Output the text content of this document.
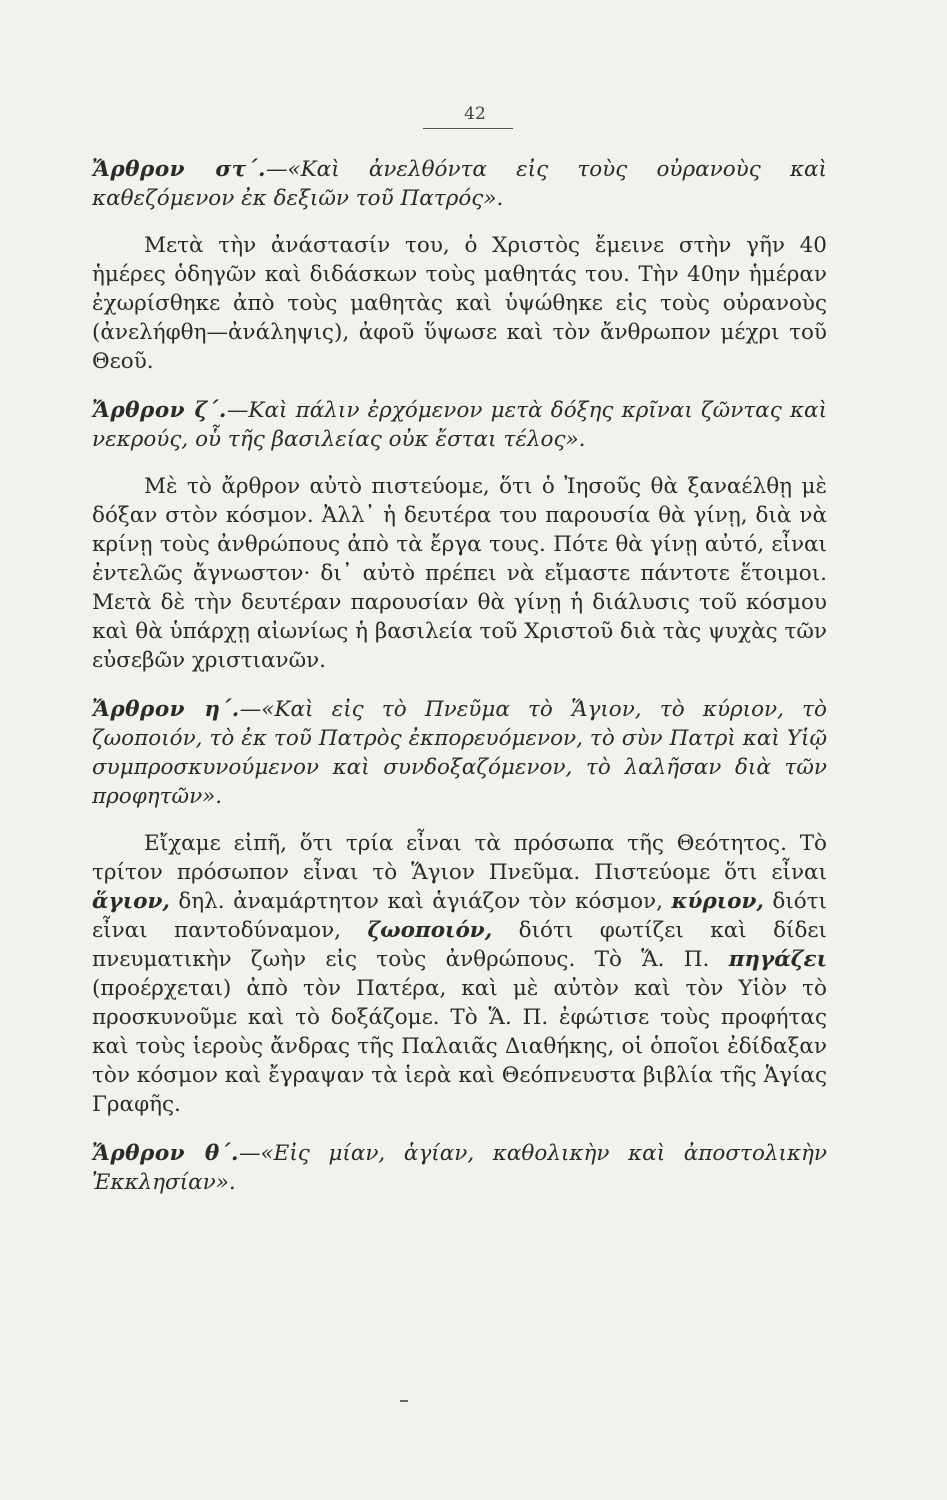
42

Ἄρθρον στ΄.—«Καὶ ἀνελθόντα εἰς τοὺς οὐρανοὺς καὶ καθεζόμενον ἐκ δεξιῶν τοῦ Πατρός».

Μετὰ τὴν ἀνάστασίν του, ὁ Χριστὸς ἔμεινε στὴν γῆν 40 ἡμέρες ὁδηγῶν καὶ διδάσκων τοὺς μαθητάς του. Τὴν 40ην ἡμέραν ἐχωρίσθηκε ἀπὸ τοὺς μαθητὰς καὶ ὑψώθηκε εἰς τοὺς οὐρανοὺς (ἀνελήφθη—ἀνάληψις), ἀφοῦ ὕψωσε καὶ τὸν ἄνθρωπον μέχρι τοῦ Θεοῦ.

Ἄρθρον ζ΄.—Καὶ πάλιν ἐρχόμενον μετὰ δόξης κρῖναι ζῶντας καὶ νεκρούς, οὗ τῆς βασιλείας οὐκ ἔσται τέλος».

Μὲ τὸ ἄρθρον αὐτὸ πιστεύομε, ὅτι ὁ Ἰησοῦς θὰ ξαναέλθῃ μὲ δόξαν στὸν κόσμον. Ἀλλ᾿ ἡ δευτέρα του παρουσία θὰ γίνῃ, διὰ νὰ κρίνῃ τοὺς ἀνθρώπους ἀπὸ τὰ ἔργα τους. Πότε θὰ γίνῃ αὐτό, εἶναι ἐντελῶς ἄγνωστον· δι᾿ αὐτὸ πρέπει νὰ εἴμαστε πάντοτε ἕτοιμοι. Μετὰ δὲ τὴν δευτέραν παρουσίαν θὰ γίνῃ ἡ διάλυσις τοῦ κόσμου καὶ θὰ ὑπάρχῃ αἰωνίως ἡ βασιλεία τοῦ Χριστοῦ διὰ τὰς ψυχὰς τῶν εὐσεβῶν χριστιανῶν.

Ἄρθρον η΄.—«Καὶ εἰς τὸ Πνεῦμα τὸ Ἅγιον, τὸ κύριον, τὸ ζωοποιόν, τὸ ἐκ τοῦ Πατρὸς ἐκπορευόμενον, τὸ σὺν Πατρὶ καὶ Υἱῷ συμπροσκυνούμενον καὶ συνδοξαζόμενον, τὸ λαλῆσαν διὰ τῶν προφητῶν».

Εἴχαμε εἰπῆ, ὅτι τρία εἶναι τὰ πρόσωπα τῆς Θεότητος. Τὸ τρίτον πρόσωπον εἶναι τὸ Ἅγιον Πνεῦμα. Πιστεύομε ὅτι εἶναι ἅγιον, δηλ. ἀναμάρτητον καὶ ἁγιάζον τὸν κόσμον, κύριον, διότι εἶναι παντοδύναμον, ζωοποιόν, διότι φωτίζει καὶ δίδει πνευματικὴν ζωὴν εἰς τοὺς ἀνθρώπους. Τὸ Ἅ. Π. πηγάζει (προέρχεται) ἀπὸ τὸν Πατέρα, καὶ μὲ αὐτὸν καὶ τὸν Υἱὸν τὸ προσκυνοῦμε καὶ τὸ δοξάζομε. Τὸ Ἅ. Π. ἐφώτισε τοὺς προφήτας καὶ τοὺς ἱεροὺς ἄνδρας τῆς Παλαιᾶς Διαθήκης, οἱ ὁποῖοι ἐδίδαξαν τὸν κόσμον καὶ ἔγραψαν τὰ ἱερὰ καὶ Θεόπνευστα βιβλία τῆς Ἁγίας Γραφῆς.

Ἄρθρον θ΄.—«Εἰς μίαν, ἁγίαν, καθολικὴν καὶ ἀποστολικὴν Ἐκκλησίαν».
